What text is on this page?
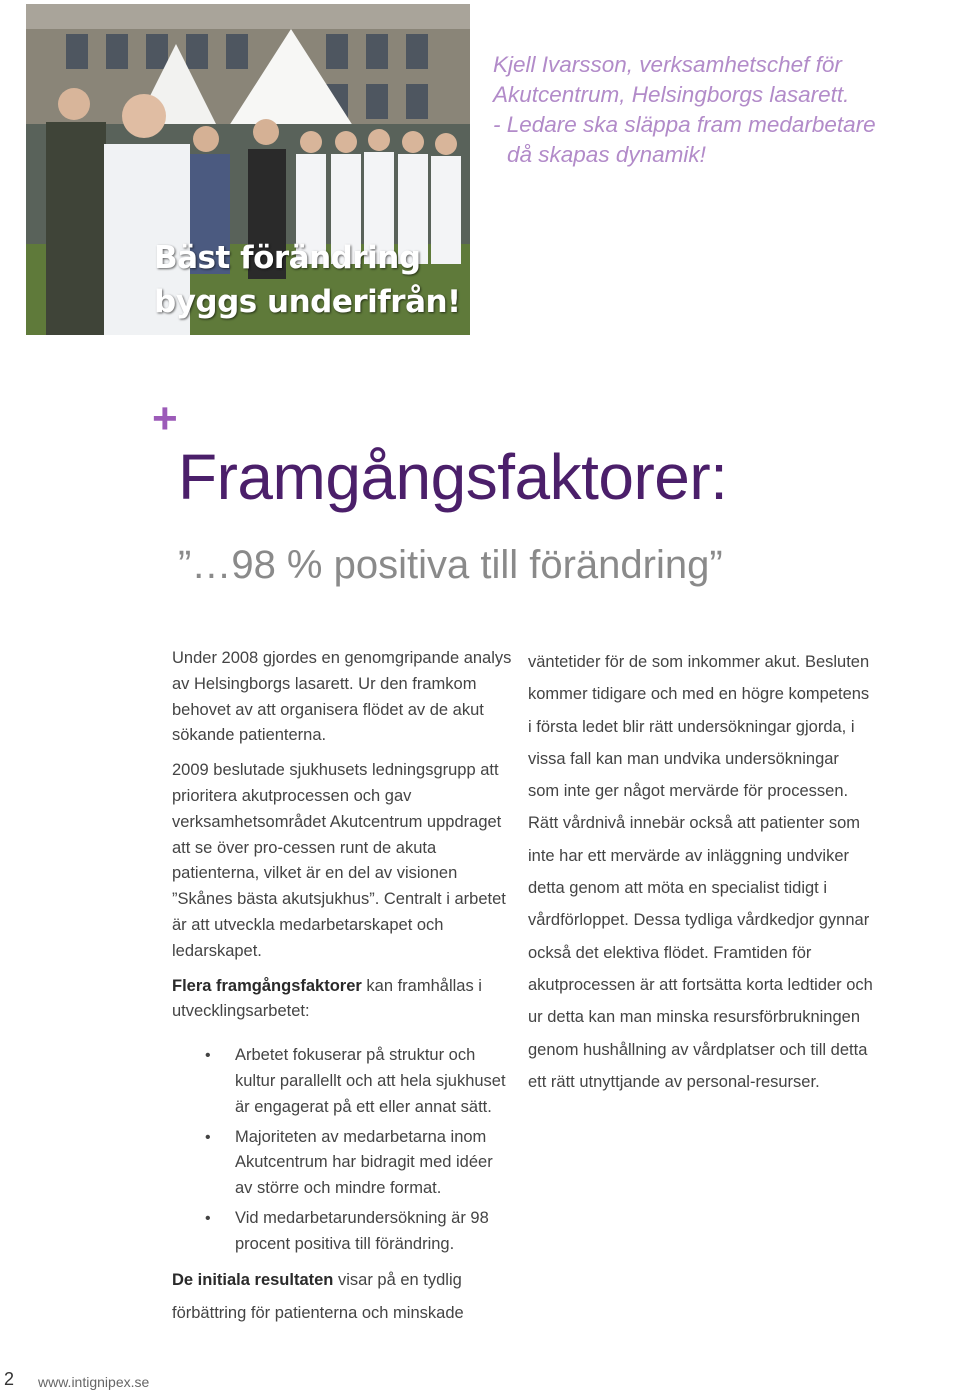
Bäst förändring
byggs underifrån!
Kjell Ivarsson, verksamhetschef för
Akutcentrum, Helsingborgs lasarett.
- Ledare ska släppa fram medarbetare
då skapas dynamik!
+
Framgångsfaktorer:
”…98 % positiva till förändring”

Under 2008 gjordes en genomgripande analys av Helsingborgs lasarett. Ur den framkom behovet av att organisera flödet av de akut sökande patienterna.

2009 beslutade sjukhusets ledningsgrupp att prioritera akutprocessen och gav verksamhetsområdet Akutcentrum uppdraget att se över pro-cessen runt de akuta patienterna, vilket är en del av visionen ”Skånes bästa akutsjukhus”. Centralt i arbetet är att utveckla medarbetarskapet och ledarskapet.

Flera framgångsfaktorer kan framhållas i utvecklingsarbetet:

• Arbetet fokuserar på struktur och kultur parallellt och att hela sjukhuset är engagerat på ett eller annat sätt.
• Majoriteten av medarbetarna inom Akutcentrum har bidragit med idéer av större och mindre format.
• Vid medarbetarundersökning är 98 procent positiva till förändring.

De initiala resultaten visar på en tydlig förbättring för patienterna och minskade

väntetider för de som inkommer akut. Besluten kommer tidigare och med en högre kompetens i första ledet blir rätt undersökningar gjorda, i vissa fall kan man undvika undersökningar som inte ger något mervärde för processen. Rätt vårdnivå innebär också att patienter som inte har ett mervärde av inläggning undviker detta genom att möta en specialist tidigt i vårdförloppet. Dessa tydliga vårdkedjor gynnar också det elektiva flödet. Framtiden för akutprocessen är att fortsätta korta ledtider och ur detta kan man minska resursförbrukningen genom hushållning av vårdplatser och till detta ett rätt utnyttjande av personal-resurser.

2 www.intignipex.se
